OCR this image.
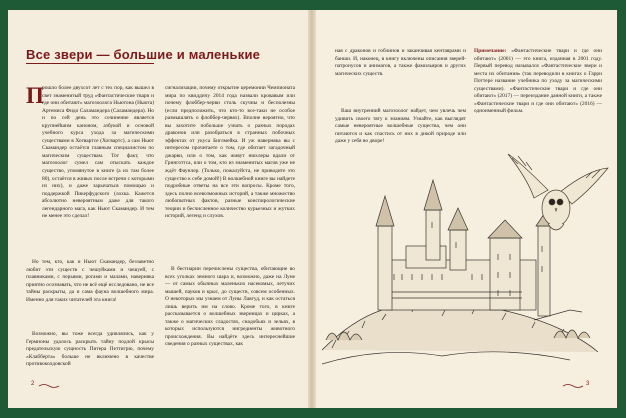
Все звери — большие и маленькие
П

рошло более двухсот лет с тех пор, как вышел в свет знаменитый труд «Фантастические твари и где они обитают» магозоолога Ньютона (Ньюта) Артемиса Фидо Саламандера (Саламандера). Но и по сей день это сочинение является крупнейшим каноном, азбукой и основой учебного курса ухода за магическими существами в Хогвартсе (Хогвартс), а сам Ньют Скамандер остаётся главным специалистом по магическим существам. Тот факт, что магозоолог сумел сам отыскать каждое существо, упомянутое в книге (а их там более 80), остаётся в живых после встречи с которыми из них), и даже зарычаться помощью и поддержкой Пикерфудского (лохка. Кажется абсолютно невероятным даже для такого легендарного мага, как Ньют Скамандер. И тем не менее это сделал!

Но тем, кто, как и Ньют Скамандер, беззаветно любит эти существ с чешуйками и чешуей, с плавниками, с перьями, рогами и малами, наверняка приятно осознавать, что не всё ещё исследовано, не все тайны раскрыты, да и сама фауна волшебного мира. Именно для таких читателей эта книга!

Возможно, вы тоже всегда удивлялись, как у Гермионы удалось раскрыть тайну подлой крысы предательскую сущность Питера Петтигрю, почему «Клабберта» больше не включено в качестве противоколдовской

сигнализации, почему открытие церемонии Чемпионата мира по квиддичу 2014 года назвали кровавым или почему флоббер-черви столь скучны и бесполезны (если предположить, что кто-то все-таки не особое размышлять о флоббер-червях). Вполне вероятно, что вы захотите побольше узнать о разных породах драконов или разобраться в странных побочных эффектах от укуса Биглмейка. И уж наверняка вы с интересом прочитаете о том, где обитает загадочный джарви, или о том, как живут нюхлеры вдали от Гринготтса, или о том, кто из знаменитых магов уже не ждёт Фаунлер. (Только, пожалуйста, не приводите это существо к себе домой!) В волшебной книге вы найдете подробные ответы на все эти вопросы. Кроме того, здесь полно всевозможных историй, а также множество любопытных фактов, разные конспирологические теории и бесчисленное количество курьезных и жутких историй, легенд и слухов.

В бестиарии перечислены существа, обитающие во всех уголках земного шара и, возможно, даже на Луне — от самых обычных маленьких насекомых, летучих мышей, пауков и крыс, до существ, совсем особенных. О некоторых мы узнаем от Луны Лавгуд, и как остаться лишь верить им на слово. Кроме того, в книге рассказывается о волшебных зверинцах и цирках, а также о магических сладостях, снадобьях и зельях, в которых используются ингредиенты животного происхождения. Вы найдёте здесь интереснейшие сведения о разных существах, как

2

ная с драконов и гоблинов и заканчивая кентаврами и банши. И, наконец, в книгу включены описания зверей-патронусов и анимагов, а также фамильяров и других магических существ.

Ваш внутренний магозоолог найдет, чем увлечь чем удивить своего тягу к знаниям. Узнайте, как выглядят самые невероятные волшебные существа, чем они питаются и как спастись от них в дикой природе или даже у себя во дворе!

Примечание: «Фантастические твари и где они обитают» (2001) — это книга, изданная в 2001 году. Первый перевод назывался «Фантастические звери и места их обитания» (так переводили в книгах о Гарри Поттере название учебника по уходу за магическими существами). «Фантастические твари и где они обитают» (2017) — переиздание данной книги, а также «Фантастические твари и где они обитают» (2016) — одноименный фильм.
3
